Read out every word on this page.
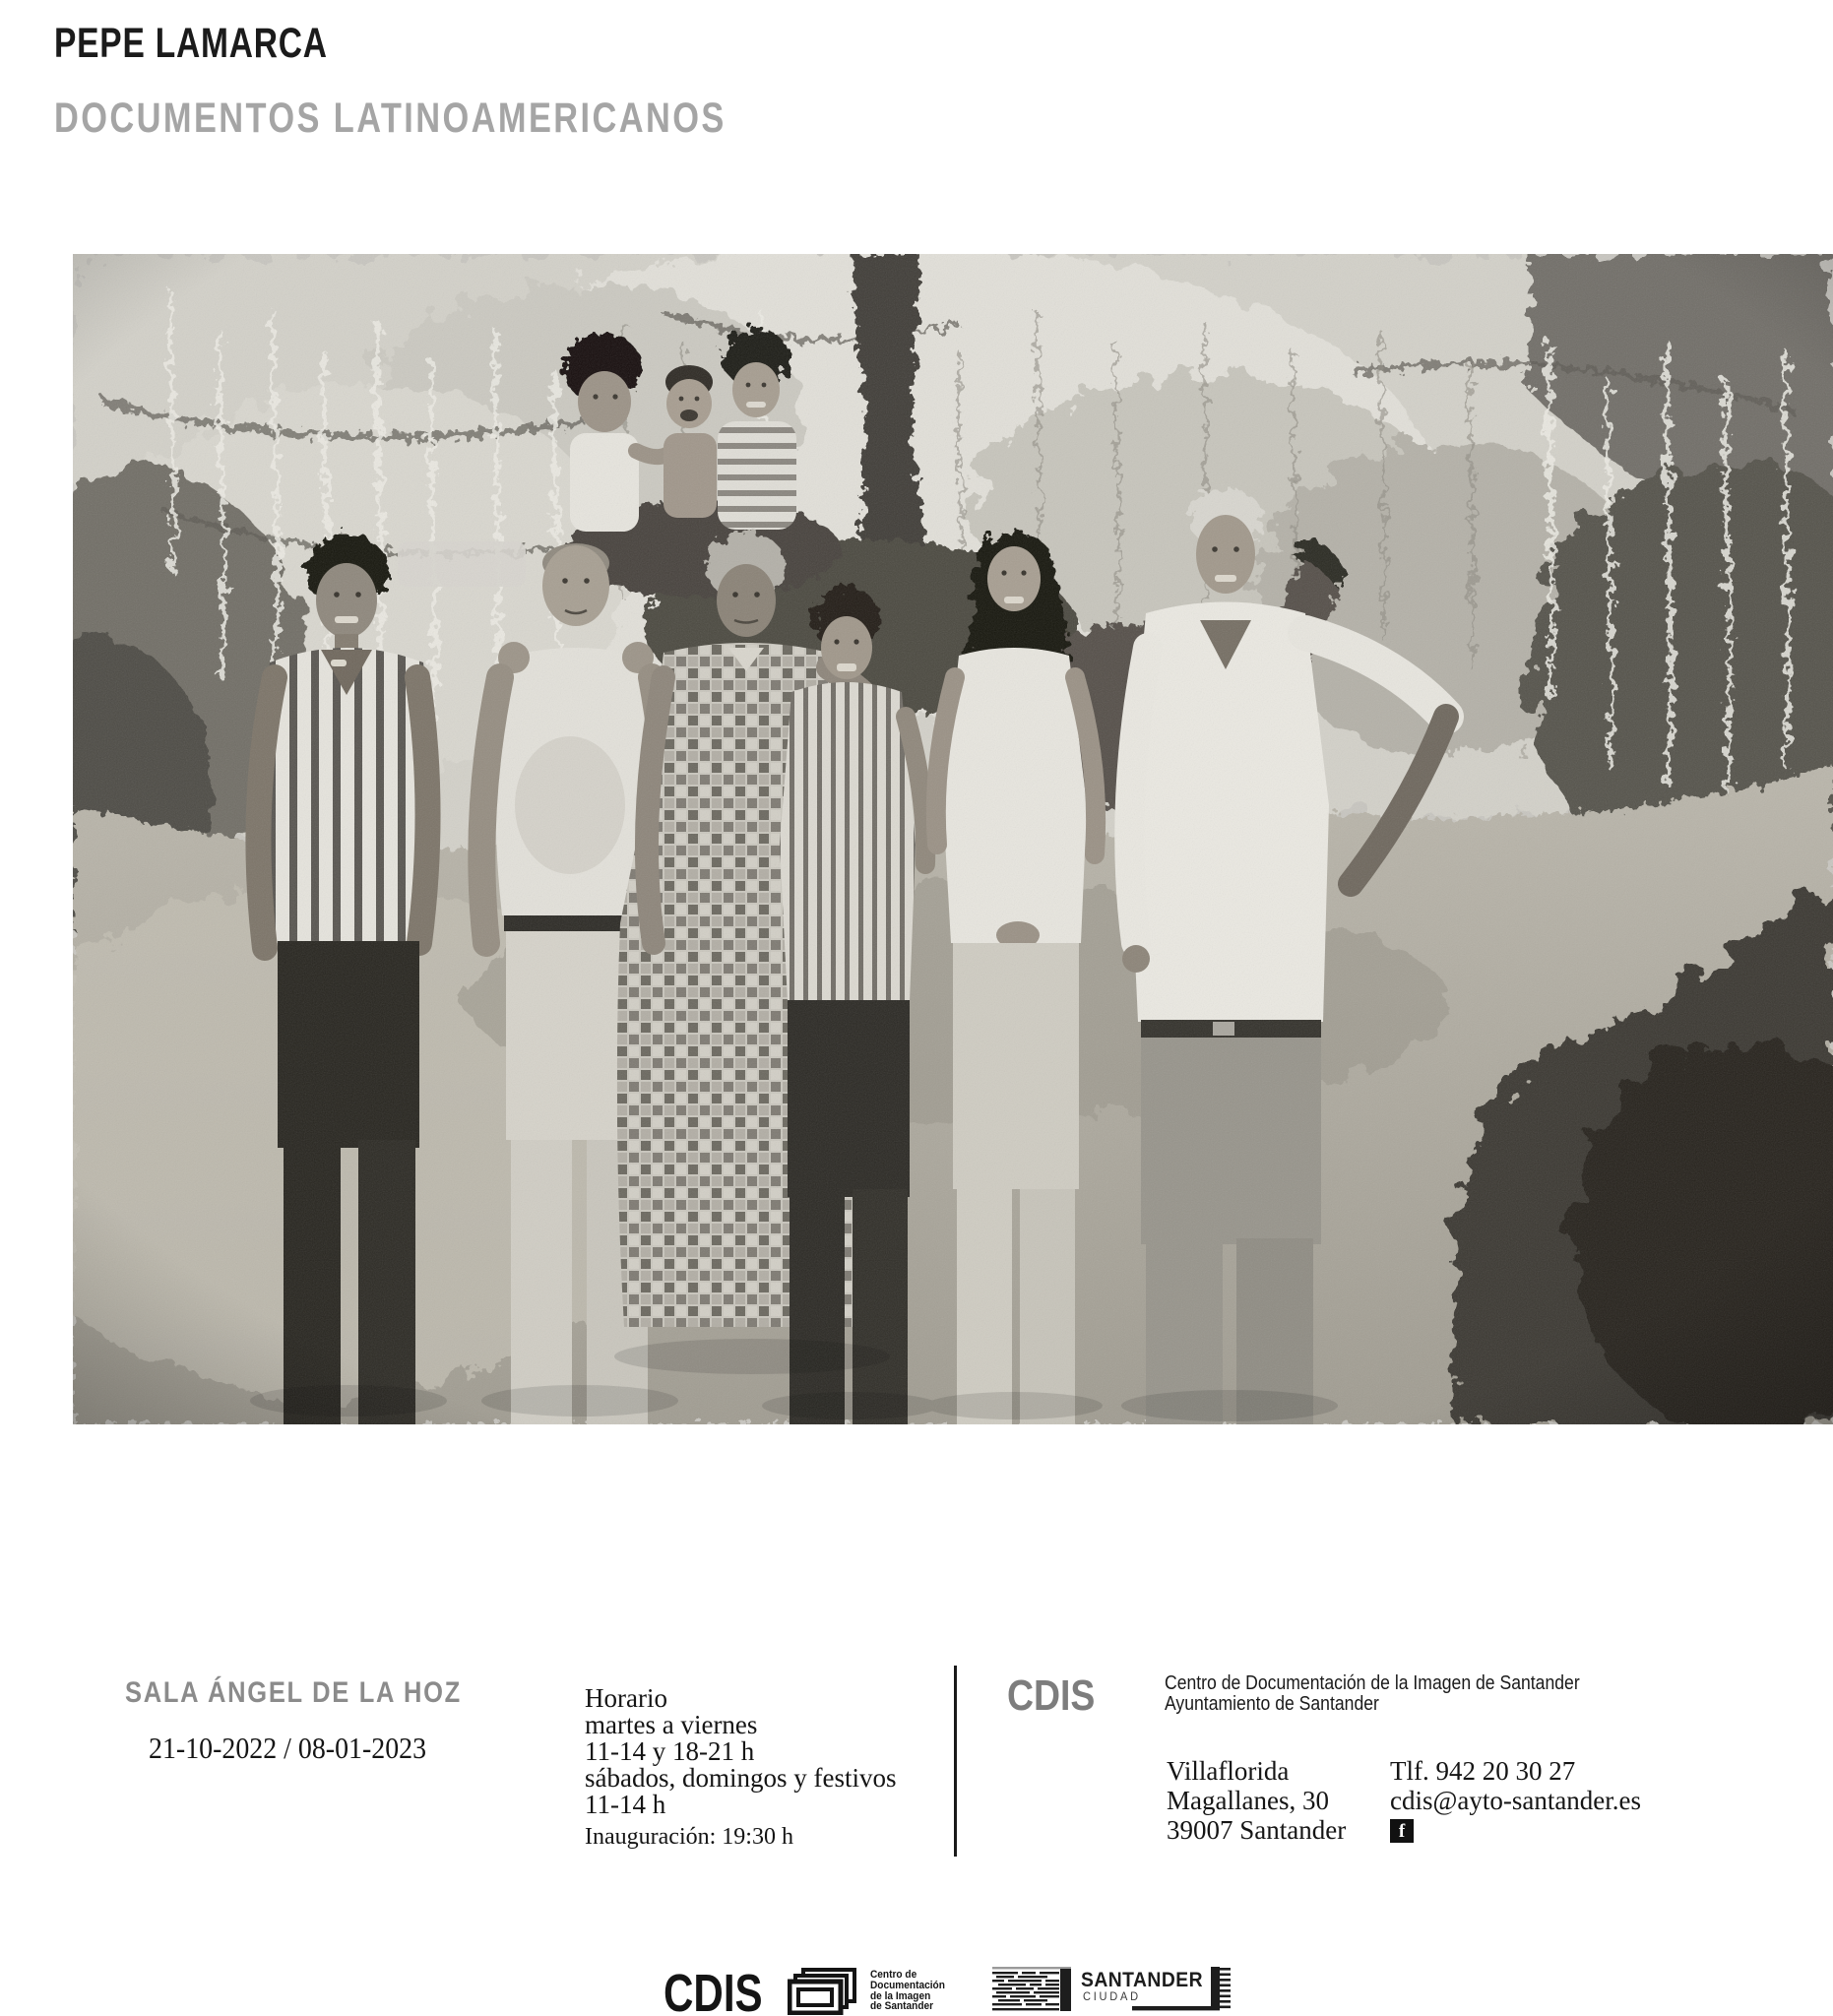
PEPE LAMARCA
DOCUMENTOS LATINOAMERICANOS
SALA ÁNGEL DE LA HOZ
21-10-2022 / 08-01-2023
Horario
martes a viernes
11-14 y 18-21 h
sábados, domingos y festivos
11-14 h
Inauguración: 19:30 h
CDIS	Centro de Documentación de la Imagen de Santander
Ayuntamiento de Santander
Villaflorida
Magallanes, 30
39007 Santander
Tlf. 942 20 30 27
cdis@ayto-santander.es
f
CDIS	Centro de
Documentación
de la Imagen
de Santander
SANTANDER
CIUDAD
